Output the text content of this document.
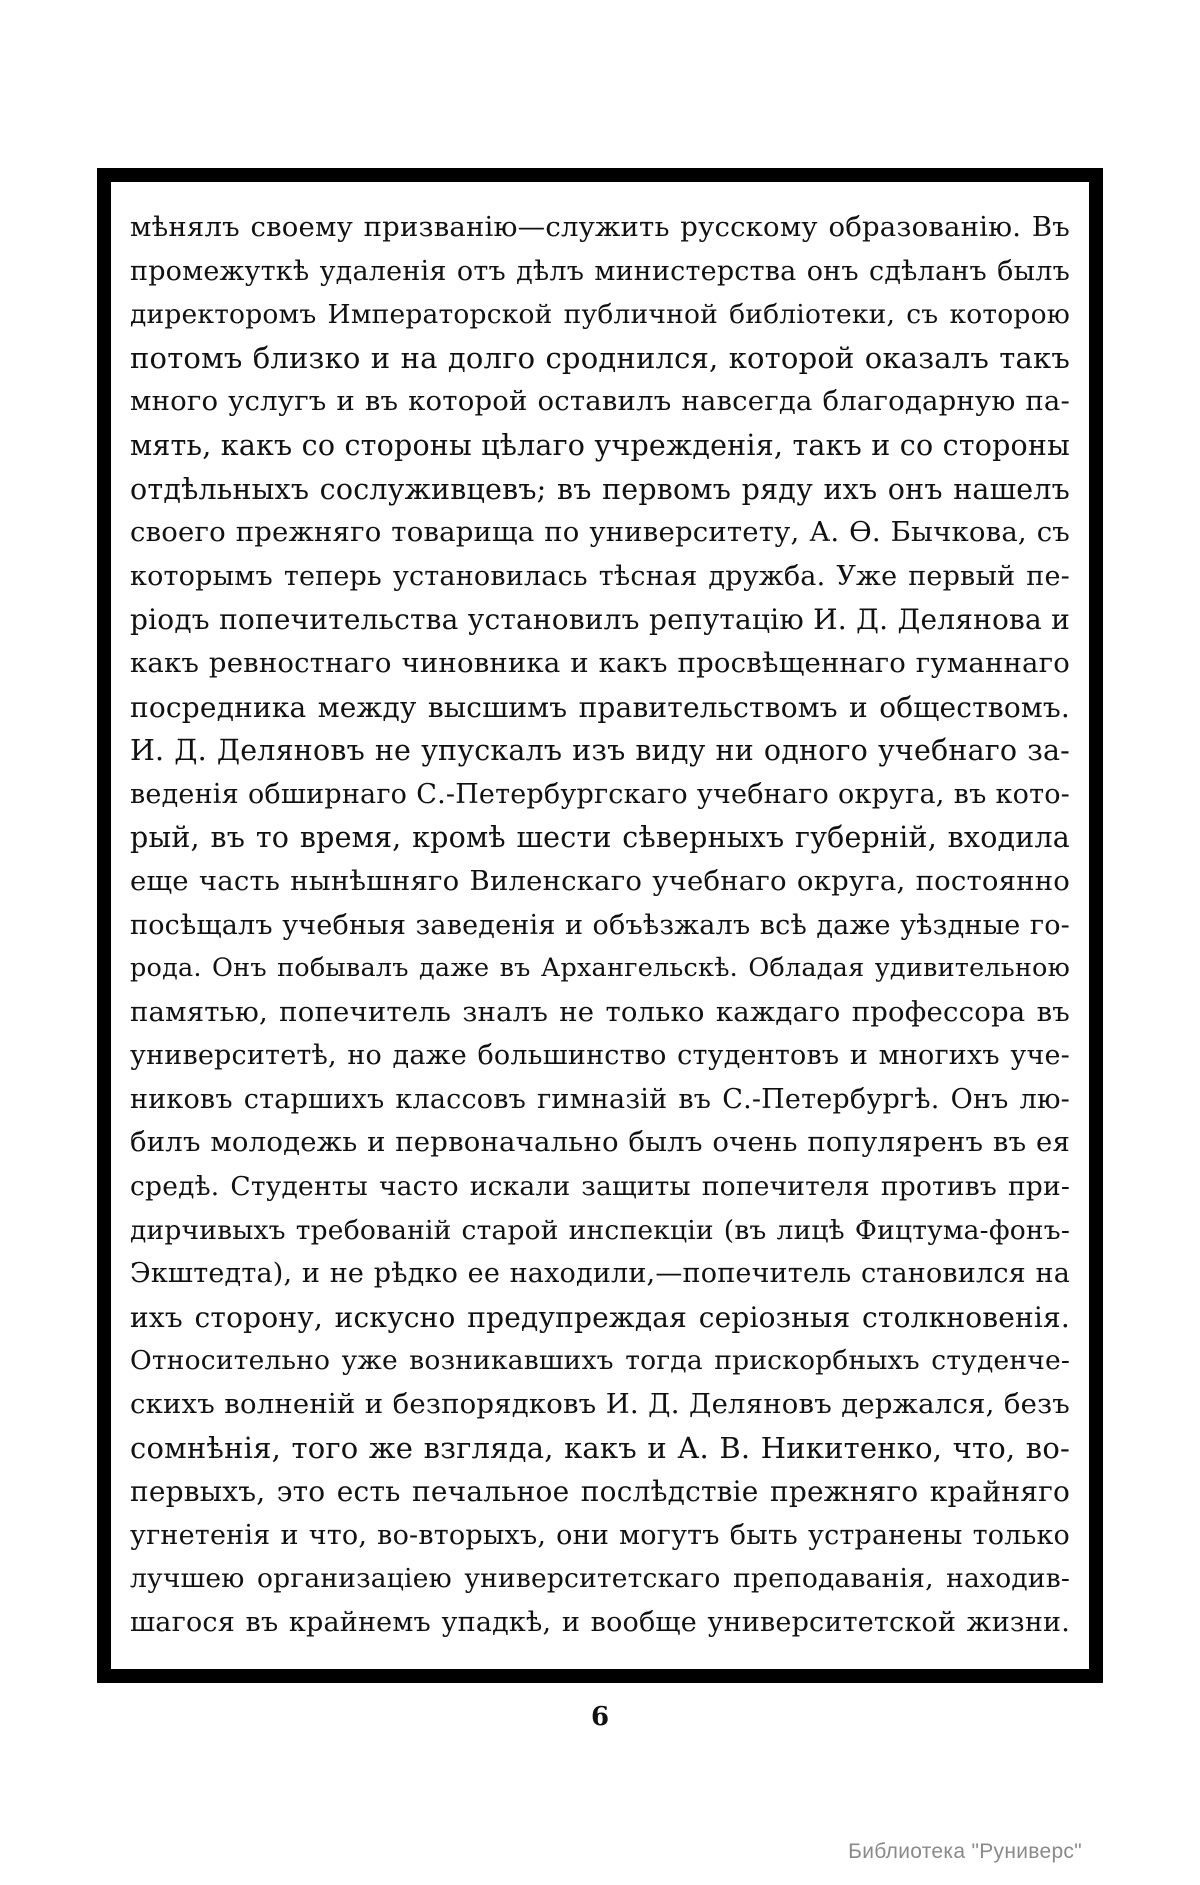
мѣнялъ своему призванію—служить русскому образованію. Въ
промежуткѣ удаленія отъ дѣлъ министерства онъ сдѣланъ былъ
директоромъ Императорской публичной библіотеки, съ которою
потомъ близко и на долго сроднился, которой оказалъ такъ
много услугъ и въ которой оставилъ навсегда благодарную па-
мять, какъ со стороны цѣлаго учрежденія, такъ и со стороны
отдѣльныхъ сослуживцевъ; въ первомъ ряду ихъ онъ нашелъ
своего прежняго товарища по университету, А. Ѳ. Бычкова, съ
которымъ теперь установилась тѣсная дружба. Уже первый пе-
ріодъ попечительства установилъ репутацію И. Д. Делянова и
какъ ревностнаго чиновника и какъ просвѣщеннаго гуманнаго
посредника между высшимъ правительствомъ и обществомъ.
И. Д. Деляновъ не упускалъ изъ виду ни одного учебнаго за-
веденія обширнаго С.-Петербургскаго учебнаго округа, въ кото-
рый, въ то время, кромѣ шести сѣверныхъ губерній, входила
еще часть нынѣшняго Виленскаго учебнаго округа, постоянно
посѣщалъ учебныя заведенія и объѣзжалъ всѣ даже уѣздные го-
рода. Онъ побывалъ даже въ Архангельскѣ. Обладая удивительною
памятью, попечитель зналъ не только каждаго профессора въ
университетѣ, но даже большинство студентовъ и многихъ уче-
никовъ старшихъ классовъ гимназій въ С.-Петербургѣ. Онъ лю-
билъ молодежь и первоначально былъ очень популяренъ въ ея
средѣ. Студенты часто искали защиты попечителя противъ при-
дирчивыхъ требованій старой инспекціи (въ лицѣ Фицтума-фонъ-
Экштедта), и не рѣдко ее находили,—попечитель становился на
ихъ сторону, искусно предупреждая серіозныя столкновенія.
Относительно уже возникавшихъ тогда прискорбныхъ студенче-
скихъ волненій и безпорядковъ И. Д. Деляновъ держался, безъ
сомнѣнія, того же взгляда, какъ и А. В. Никитенко, что, во-
первыхъ, это есть печальное послѣдствіе прежняго крайняго
угнетенія и что, во-вторыхъ, они могутъ быть устранены только
лучшею организаціею университетскаго преподаванія, находив-
шагося въ крайнемъ упадкѣ, и вообще университетской жизни.
6
Библиотека "Руниверс"
